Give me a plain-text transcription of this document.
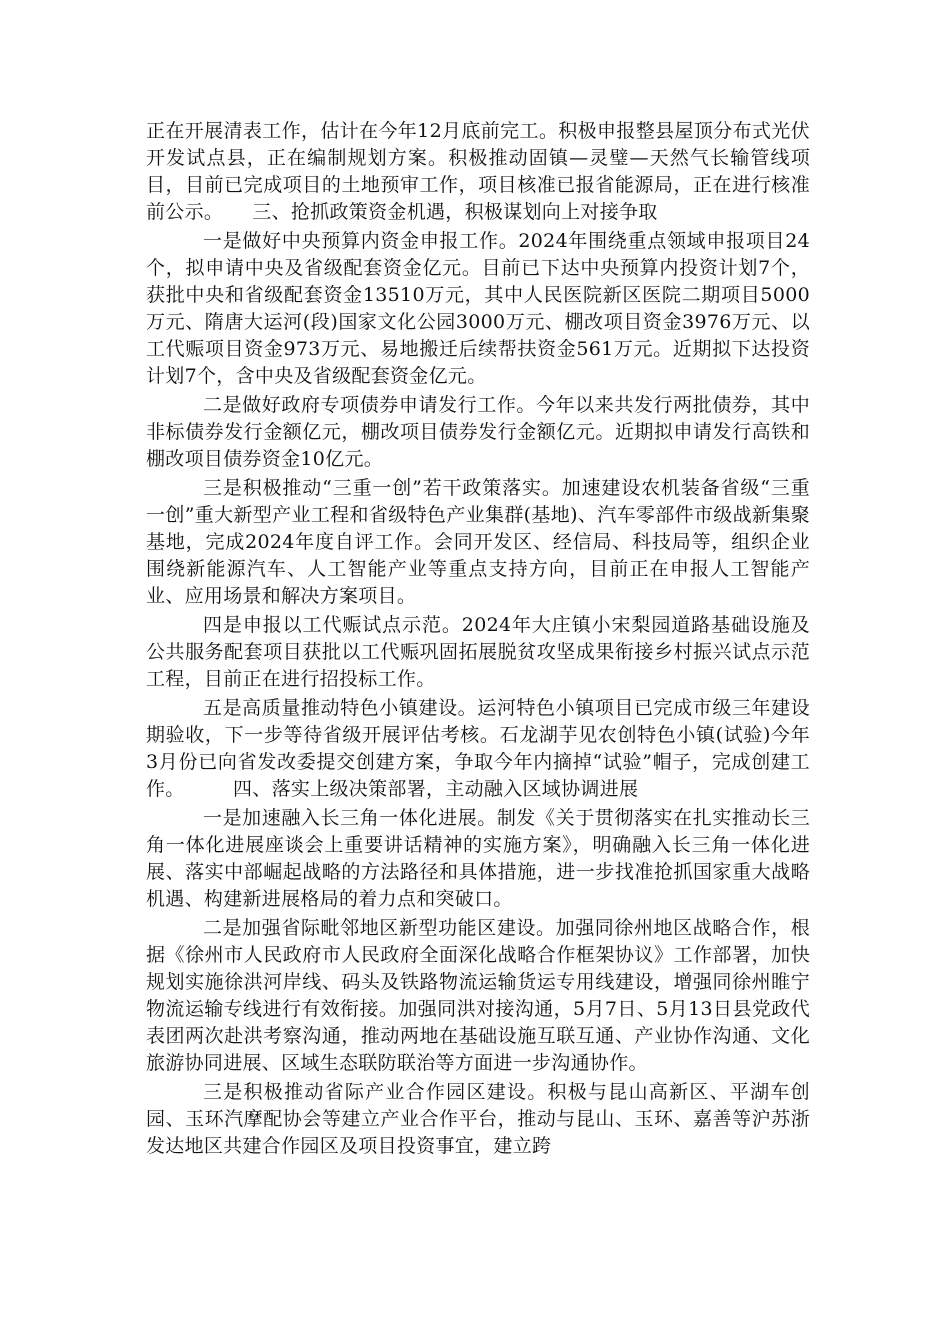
正在开展清表工作，估计在今年12月底前完工。积极申报整县屋顶分布式光伏开发试点县，正在编制规划方案。积极推动固镇—灵璧—天然气长输管线项目，目前已完成项目的土地预审工作，项目核准已报省能源局，正在进行核准前公示。　　三、抢抓政策资金机遇，积极谋划向上对接争取

一是做好中央预算内资金申报工作。2024年围绕重点领域申报项目24个，拟申请中央及省级配套资金亿元。目前已下达中央预算内投资计划7个，获批中央和省级配套资金13510万元，其中人民医院新区医院二期项目5000万元、隋唐大运河(段)国家文化公园3000万元、棚改项目资金3976万元、以工代赈项目资金973万元、易地搬迁后续帮扶资金561万元。近期拟下达投资计划7个，含中央及省级配套资金亿元。

二是做好政府专项债券申请发行工作。今年以来共发行两批债券，其中非标债券发行金额亿元，棚改项目债券发行金额亿元。近期拟申请发行高铁和棚改项目债券资金10亿元。

三是积极推动“三重一创”若干政策落实。加速建设农机装备省级“三重一创”重大新型产业工程和省级特色产业集群(基地)、汽车零部件市级战新集聚基地，完成2024年度自评工作。会同开发区、经信局、科技局等，组织企业围绕新能源汽车、人工智能产业等重点支持方向，目前正在申报人工智能产业、应用场景和解决方案项目。

四是申报以工代赈试点示范。2024年大庄镇小宋梨园道路基础设施及公共服务配套项目获批以工代赈巩固拓展脱贫攻坚成果衔接乡村振兴试点示范工程，目前正在进行招投标工作。

五是高质量推动特色小镇建设。运河特色小镇项目已完成市级三年建设期验收，下一步等待省级开展评估考核。石龙湖芋见农创特色小镇(试验)今年3月份已向省发改委提交创建方案，争取今年内摘掉“试验”帽子，完成创建工作。　　　四、落实上级决策部署，主动融入区域协调进展

一是加速融入长三角一体化进展。制发《关于贯彻落实在扎实推动长三角一体化进展座谈会上重要讲话精神的实施方案》，明确融入长三角一体化进展、落实中部崛起战略的方法路径和具体措施，进一步找准抢抓国家重大战略机遇、构建新进展格局的着力点和突破口。

二是加强省际毗邻地区新型功能区建设。加强同徐州地区战略合作，根据《徐州市人民政府市人民政府全面深化战略合作框架协议》工作部署，加快规划实施徐洪河岸线、码头及铁路物流运输货运专用线建设，增强同徐州睢宁物流运输专线进行有效衔接。加强同洪对接沟通，5月7日、5月13日县党政代表团两次赴洪考察沟通，推动两地在基础设施互联互通、产业协作沟通、文化旅游协同进展、区域生态联防联治等方面进一步沟通协作。

三是积极推动省际产业合作园区建设。积极与昆山高新区、平湖车创园、玉环汽摩配协会等建立产业合作平台，推动与昆山、玉环、嘉善等沪苏浙发达地区共建合作园区及项目投资事宜，建立跨
